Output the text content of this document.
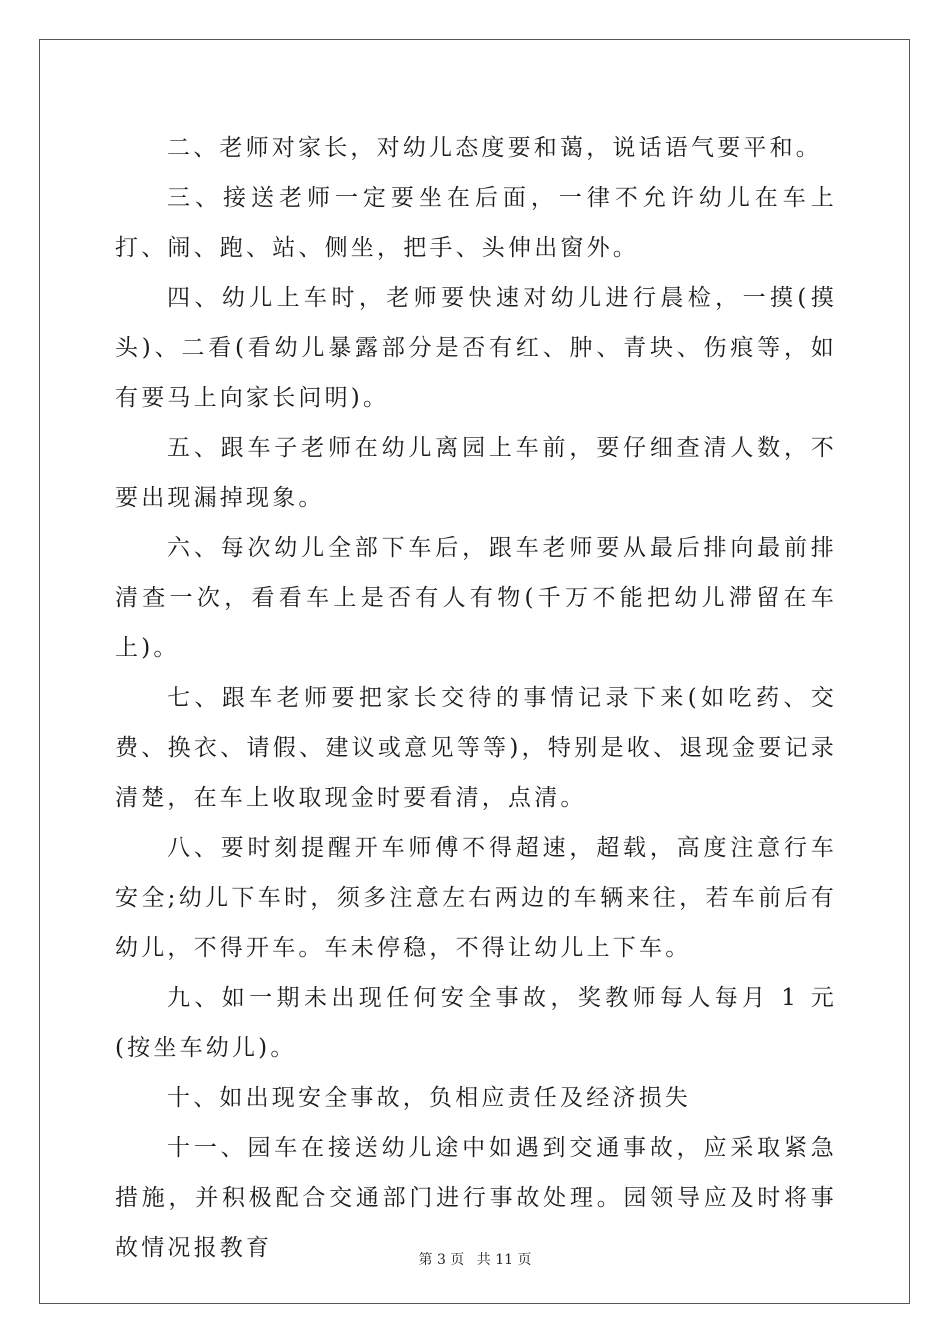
二、老师对家长，对幼儿态度要和蔼，说话语气要平和。

三、接送老师一定要坐在后面，一律不允许幼儿在车上打、闹、跑、站、侧坐，把手、头伸出窗外。

四、幼儿上车时，老师要快速对幼儿进行晨检，一摸(摸头)、二看(看幼儿暴露部分是否有红、肿、青块、伤痕等，如有要马上向家长问明)。

五、跟车子老师在幼儿离园上车前，要仔细查清人数，不要出现漏掉现象。

六、每次幼儿全部下车后，跟车老师要从最后排向最前排清查一次，看看车上是否有人有物(千万不能把幼儿滞留在车上)。

七、跟车老师要把家长交待的事情记录下来(如吃药、交费、换衣、请假、建议或意见等等)，特别是收、退现金要记录清楚，在车上收取现金时要看清，点清。

八、要时刻提醒开车师傅不得超速，超载，高度注意行车安全;幼儿下车时，须多注意左右两边的车辆来往，若车前后有幼儿，不得开车。车未停稳，不得让幼儿上下车。

九、如一期未出现任何安全事故，奖教师每人每月 1 元(按坐车幼儿)。

十、如出现安全事故，负相应责任及经济损失

十一、园车在接送幼儿途中如遇到交通事故，应采取紧急措施，并积极配合交通部门进行事故处理。园领导应及时将事故情况报教育	第 3 页 共 11 页
